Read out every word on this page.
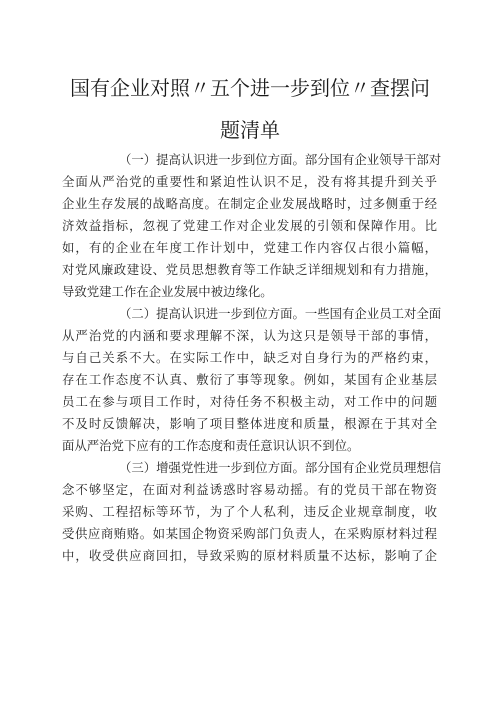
国有企业对照〃五个进一步到位〃查摆问
题清单
（一）提高认识进一步到位方面。部分国有企业领导干部对
全面从严治党的重要性和紧迫性认识不足，没有将其提升到关乎
企业生存发展的战略高度。在制定企业发展战略时，过多侧重于经
济效益指标，忽视了党建工作对企业发展的引领和保障作用。比
如，有的企业在年度工作计划中，党建工作内容仅占很小篇幅，
对党风廉政建设、党员思想教育等工作缺乏详细规划和有力措施，
导致党建工作在企业发展中被边缘化。
（二）提高认识进一步到位方面。一些国有企业员工对全面
从严治党的内涵和要求理解不深，认为这只是领导干部的事情，
与自己关系不大。在实际工作中，缺乏对自身行为的严格约束，
存在工作态度不认真、敷衍了事等现象。例如，某国有企业基层
员工在参与项目工作时，对待任务不积极主动，对工作中的问题
不及时反馈解决，影响了项目整体进度和质量，根源在于其对全
面从严治党下应有的工作态度和责任意识认识不到位。
（三）增强党性进一步到位方面。部分国有企业党员理想信
念不够坚定，在面对利益诱惑时容易动摇。有的党员干部在物资
采购、工程招标等环节，为了个人私利，违反企业规章制度，收
受供应商贿赂。如某国企物资采购部门负责人，在采购原材料过程
中，收受供应商回扣，导致采购的原材料质量不达标，影响了企
